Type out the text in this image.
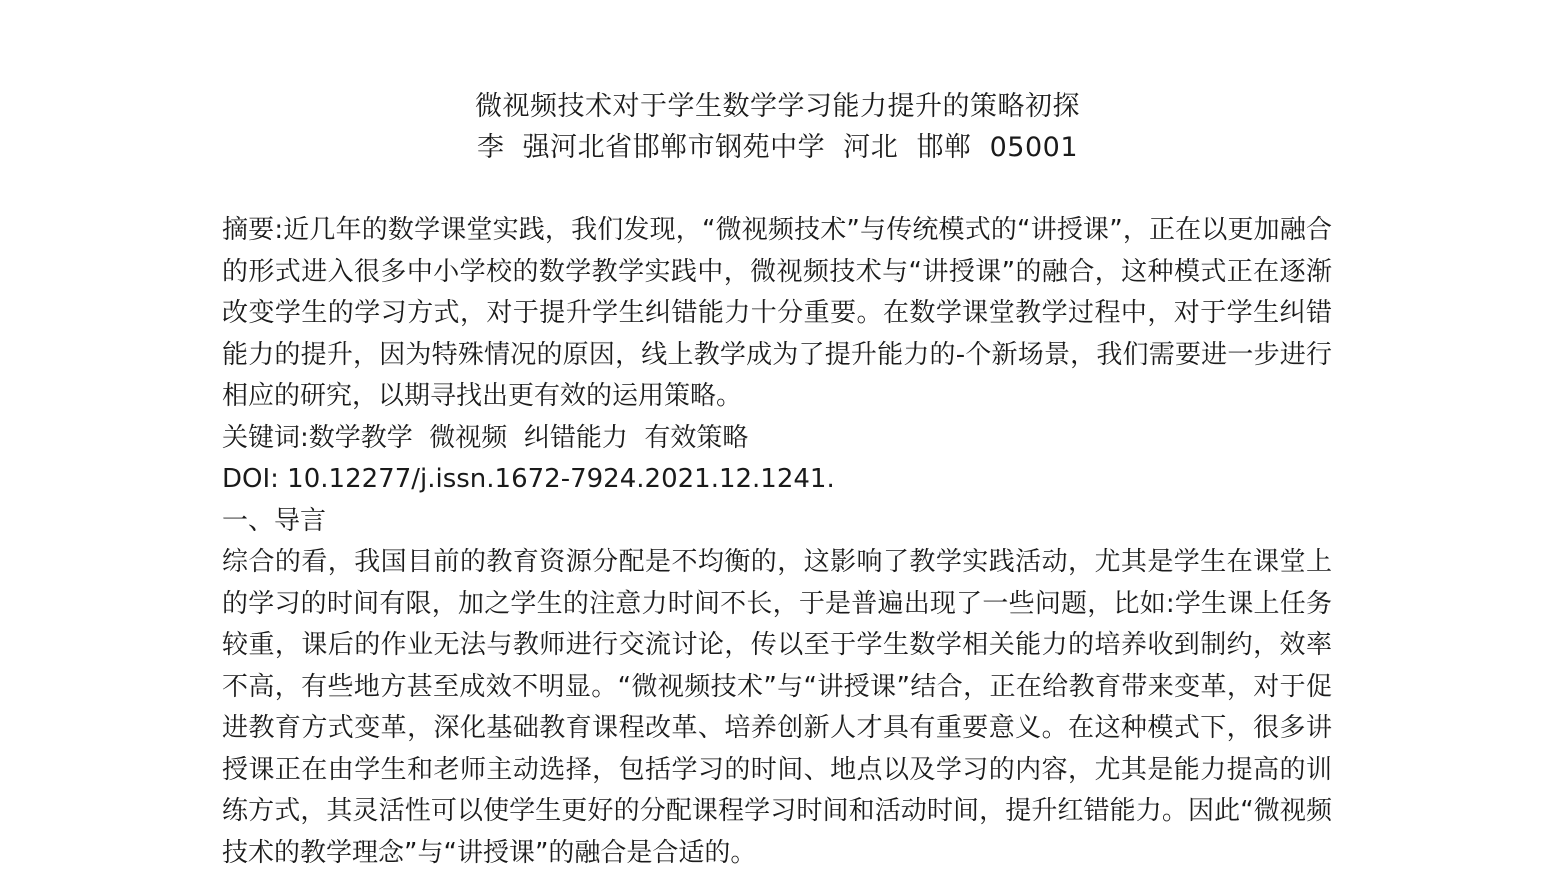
微视频技术对于学生数学学习能力提升的策略初探
李  强河北省邯郸市钢苑中学  河北  邯郸  05001

摘要:近几年的数学课堂实践，我们发现，“微视频技术”与传统模式的“讲授课”，正在以更加融合的形式进入很多中小学校的数学教学实践中，微视频技术与“讲授课”的融合，这种模式正在逐渐改变学生的学习方式，对于提升学生纠错能力十分重要。在数学课堂教学过程中，对于学生纠错能力的提升，因为特殊情况的原因，线上教学成为了提升能力的-个新场景，我们需要进一步进行相应的研究，以期寻找出更有效的运用策略。

关键词:数学教学  微视频  纠错能力  有效策略

DOI: 10.12277/j.issn.1672-7924.2021.12.1241.

一、导言

综合的看，我国目前的教育资源分配是不均衡的，这影响了教学实践活动，尤其是学生在课堂上的学习的时间有限，加之学生的注意力时间不长，于是普遍出现了一些问题，比如:学生课上任务较重，课后的作业无法与教师进行交流讨论，传以至于学生数学相关能力的培养收到制约，效率不高，有些地方甚至成效不明显。“微视频技术”与“讲授课”结合，正在给教育带来变革，对于促进教育方式变革，深化基础教育课程改革、培养创新人才具有重要意义。在这种模式下，很多讲授课正在由学生和老师主动选择，包括学习的时间、地点以及学习的内容，尤其是能力提高的训练方式，其灵活性可以使学生更好的分配课程学习时间和活动时间，提升红错能力。因此“微视频技术的教学理念”与“讲授课”的融合是合适的。
